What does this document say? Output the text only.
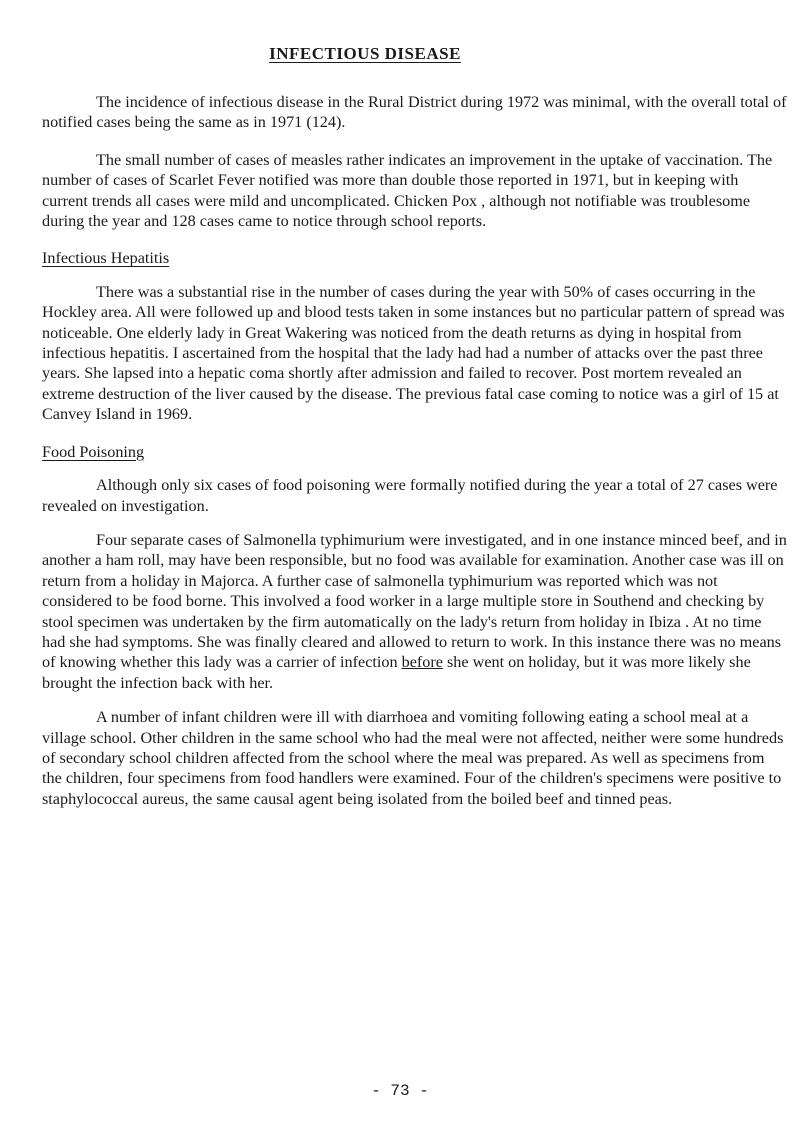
INFECTIOUS DISEASE

The incidence of infectious disease in the Rural District during 1972 was minimal, with the overall total of notified cases being the same as in 1971 (124).

The small number of cases of measles rather indicates an improvement in the uptake of vaccination. The number of cases of Scarlet Fever notified was more than double those reported in 1971, but in keeping with current trends all cases were mild and uncomplicated. Chicken Pox , although not notifiable was troublesome during the year and 128 cases came to notice through school reports.

Infectious Hepatitis

There was a substantial rise in the number of cases during the year with 50% of cases occurring in the Hockley area. All were followed up and blood tests taken in some instances but no particular pattern of spread was noticeable. One elderly lady in Great Wakering was noticed from the death returns as dying in hospital from infectious hepatitis. I ascertained from the hospital that the lady had had a number of attacks over the past three years. She lapsed into a hepatic coma shortly after admission and failed to recover. Post mortem revealed an extreme destruction of the liver caused by the disease. The previous fatal case coming to notice was a girl of 15 at Canvey Island in 1969.

Food Poisoning

Although only six cases of food poisoning were formally notified during the year a total of 27 cases were revealed on investigation.

Four separate cases of Salmonella typhimurium were investigated, and in one instance minced beef, and in another a ham roll, may have been responsible, but no food was available for examination. Another case was ill on return from a holiday in Majorca. A further case of salmonella typhimurium was reported which was not considered to be food borne. This involved a food worker in a large multiple store in Southend and checking by stool specimen was undertaken by the firm automatically on the lady's return from holiday in Ibiza . At no time had she had symptoms. She was finally cleared and allowed to return to work. In this instance there was no means of knowing whether this lady was a carrier of infection before she went on holiday, but it was more likely she brought the infection back with her.

A number of infant children were ill with diarrhoea and vomiting following eating a school meal at a village school. Other children in the same school who had the meal were not affected, neither were some hundreds of secondary school children affected from the school where the meal was prepared. As well as specimens from the children, four specimens from food handlers were examined. Four of the children's specimens were positive to staphylococcal aureus, the same causal agent being isolated from the boiled beef and tinned peas.

- 73 -
